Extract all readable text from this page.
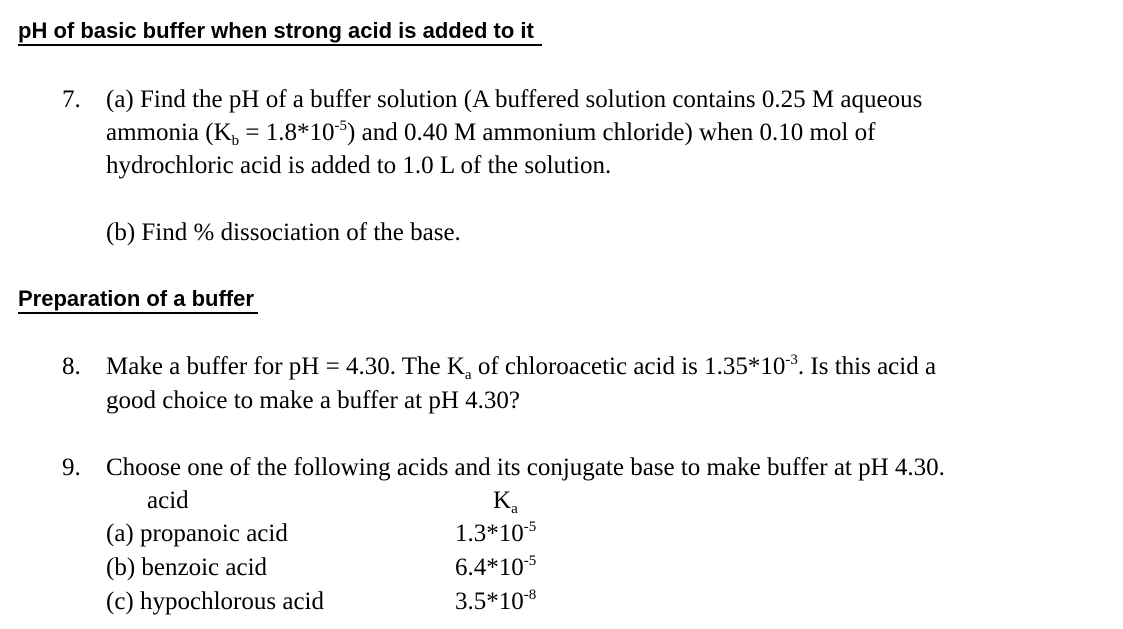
pH of basic buffer when strong acid is added to it
7. (a) Find the pH of a buffer solution (A buffered solution contains 0.25 M aqueous
ammonia $(K_b = 1.8*10^{-5})$ and 0.40 M ammonium chloride) when 0.10 mol of
hydrochloric acid is added to 1.0 L of the solution.
(b) Find % dissociation of the base.
Preparation of a buffer
8. Make a buffer for pH = 4.30. The $K_a$ of chloroacetic acid is $1.35*10^{-3}$. Is this acid a
good choice to make a buffer at pH 4.30?
9. Choose one of the following acids and its conjugate base to make buffer at pH 4.30.
acid	$K_a$
(a) propanoic acid	$1.3*10^{-5}$
(b) benzoic acid	$6.4*10^{-5}$
(c) hypochlorous acid	$3.5*10^{-8}$
